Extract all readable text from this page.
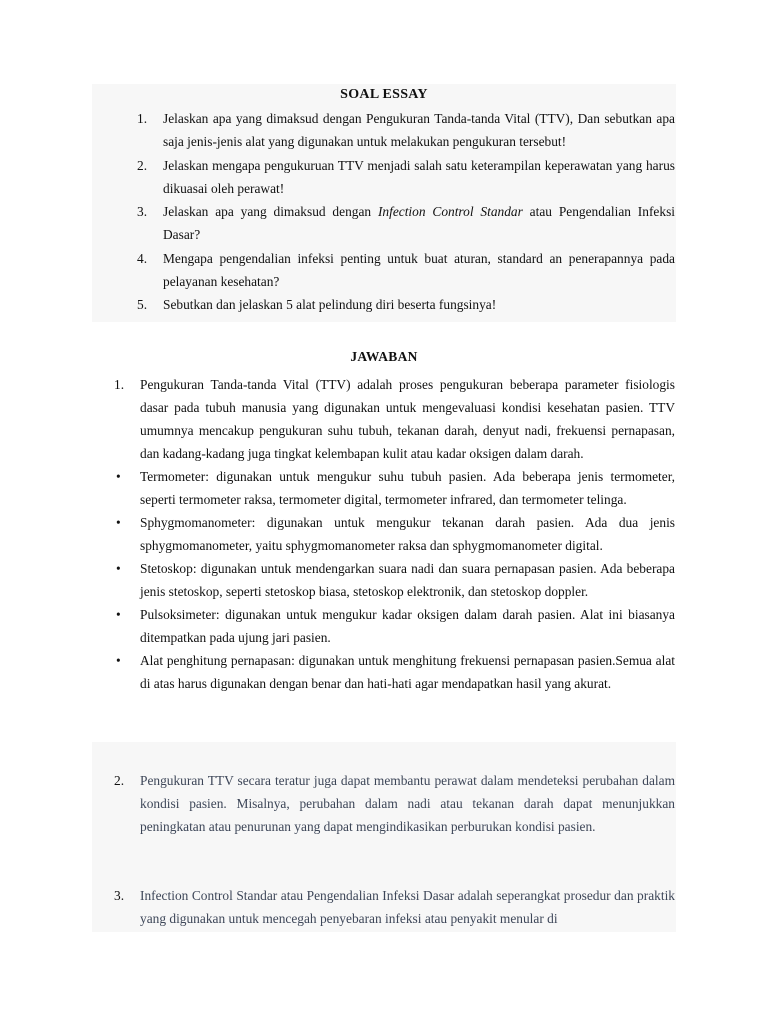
SOAL ESSAY
1. Jelaskan apa yang dimaksud dengan Pengukuran Tanda-tanda Vital (TTV), Dan sebutkan apa saja jenis-jenis alat yang digunakan untuk melakukan pengukuran tersebut!
2. Jelaskan mengapa pengukuruan TTV menjadi salah satu keterampilan keperawatan yang harus dikuasai oleh perawat!
3. Jelaskan apa yang dimaksud dengan Infection Control Standar atau Pengendalian Infeksi Dasar?
4. Mengapa pengendalian infeksi penting untuk buat aturan, standard an penerapannya pada pelayanan kesehatan?
5. Sebutkan dan jelaskan 5 alat pelindung diri beserta fungsinya!
JAWABAN
1. Pengukuran Tanda-tanda Vital (TTV) adalah proses pengukuran beberapa parameter fisiologis dasar pada tubuh manusia yang digunakan untuk mengevaluasi kondisi kesehatan pasien. TTV umumnya mencakup pengukuran suhu tubuh, tekanan darah, denyut nadi, frekuensi pernapasan, dan kadang-kadang juga tingkat kelembapan kulit atau kadar oksigen dalam darah.
• Termometer: digunakan untuk mengukur suhu tubuh pasien. Ada beberapa jenis termometer, seperti termometer raksa, termometer digital, termometer infrared, dan termometer telinga.
• Sphygmomanometer: digunakan untuk mengukur tekanan darah pasien. Ada dua jenis sphygmomanometer, yaitu sphygmomanometer raksa dan sphygmomanometer digital.
• Stetoskop: digunakan untuk mendengarkan suara nadi dan suara pernapasan pasien. Ada beberapa jenis stetoskop, seperti stetoskop biasa, stetoskop elektronik, dan stetoskop doppler.
• Pulsoksimeter: digunakan untuk mengukur kadar oksigen dalam darah pasien. Alat ini biasanya ditempatkan pada ujung jari pasien.
• Alat penghitung pernapasan: digunakan untuk menghitung frekuensi pernapasan pasien.Semua alat di atas harus digunakan dengan benar dan hati-hati agar mendapatkan hasil yang akurat.
2. Pengukuran TTV secara teratur juga dapat membantu perawat dalam mendeteksi perubahan dalam kondisi pasien. Misalnya, perubahan dalam nadi atau tekanan darah dapat menunjukkan peningkatan atau penurunan yang dapat mengindikasikan perburukan kondisi pasien.
3. Infection Control Standar atau Pengendalian Infeksi Dasar adalah seperangkat prosedur dan praktik yang digunakan untuk mencegah penyebaran infeksi atau penyakit menular di
